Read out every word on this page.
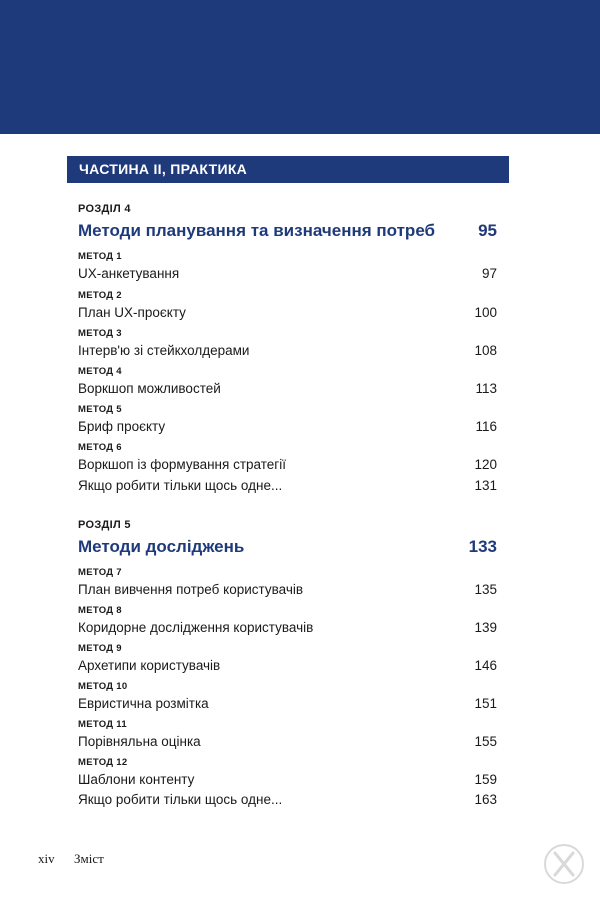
ЧАСТИНА ІІ, ПРАКТИКА
РОЗДІЛ 4
Методи планування та визначення потреб	95
МЕТОД 1
UX-анкетування	97
МЕТОД 2
План UX-проєкту	100
МЕТОД 3
Інтерв'ю зі стейкхолдерами	108
МЕТОД 4
Воркшоп можливостей	113
МЕТОД 5
Бриф проєкту	116
МЕТОД 6
Воркшоп із формування стратегії	120
Якщо робити тільки щось одне...	131
РОЗДІЛ 5
Методи досліджень	133
МЕТОД 7
План вивчення потреб користувачів	135
МЕТОД 8
Коридорне дослідження користувачів	139
МЕТОД 9
Архетипи користувачів	146
МЕТОД 10
Евристична розмітка	151
МЕТОД 11
Порівняльна оцінка	155
МЕТОД 12
Шаблони контенту	159
Якщо робити тільки щось одне...	163
xiv Зміст
